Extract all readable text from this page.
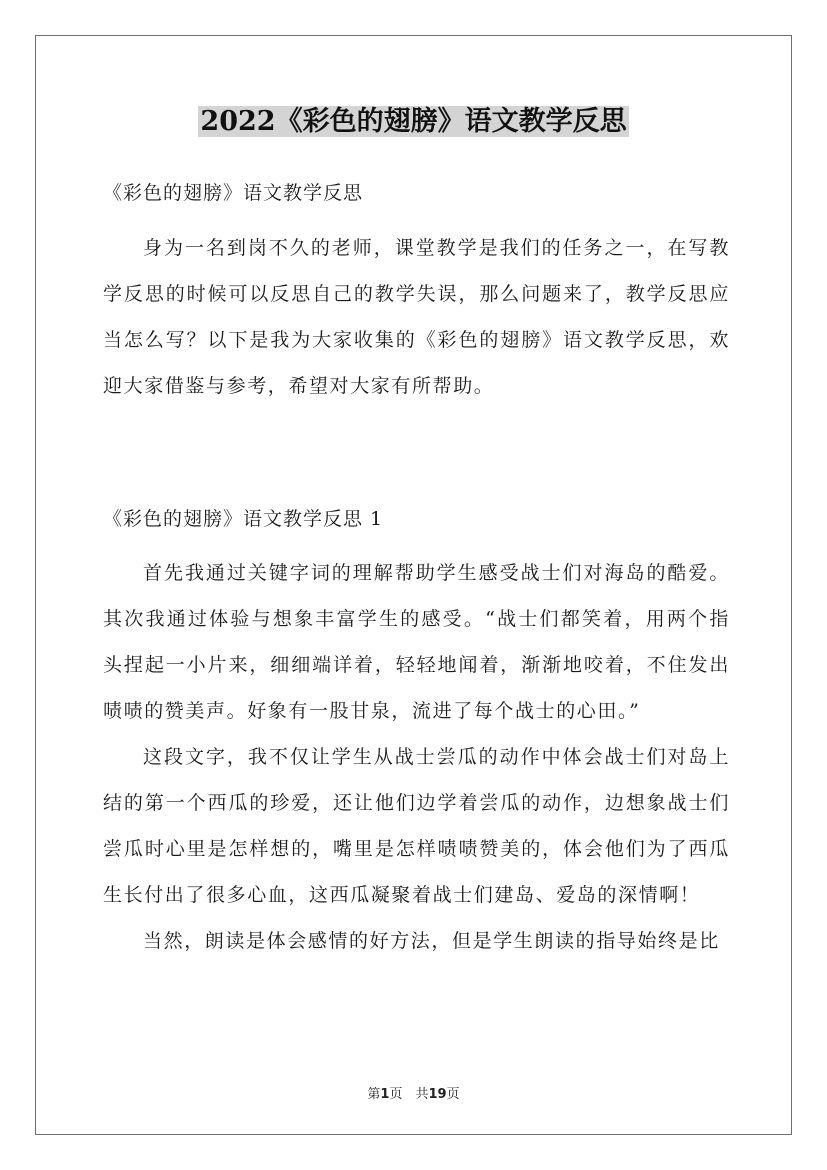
2022《彩色的翅膀》语文教学反思

《彩色的翅膀》语文教学反思

身为一名到岗不久的老师，课堂教学是我们的任务之一，在写教学反思的时候可以反思自己的教学失误，那么问题来了，教学反思应当怎么写？以下是我为大家收集的《彩色的翅膀》语文教学反思，欢迎大家借鉴与参考，希望对大家有所帮助。

《彩色的翅膀》语文教学反思 1

首先我通过关键字词的理解帮助学生感受战士们对海岛的酷爱。其次我通过体验与想象丰富学生的感受。“战士们都笑着，用两个指头捏起一小片来，细细端详着，轻轻地闻着，渐渐地咬着，不住发出啧啧的赞美声。好象有一股甘泉，流进了每个战士的心田。”

这段文字，我不仅让学生从战士尝瓜的动作中体会战士们对岛上结的第一个西瓜的珍爱，还让他们边学着尝瓜的动作，边想象战士们尝瓜时心里是怎样想的，嘴里是怎样啧啧赞美的，体会他们为了西瓜生长付出了很多心血，这西瓜凝聚着战士们建岛、爱岛的深情啊！

当然，朗读是体会感情的好方法，但是学生朗读的指导始终是比

第1页　共19页
